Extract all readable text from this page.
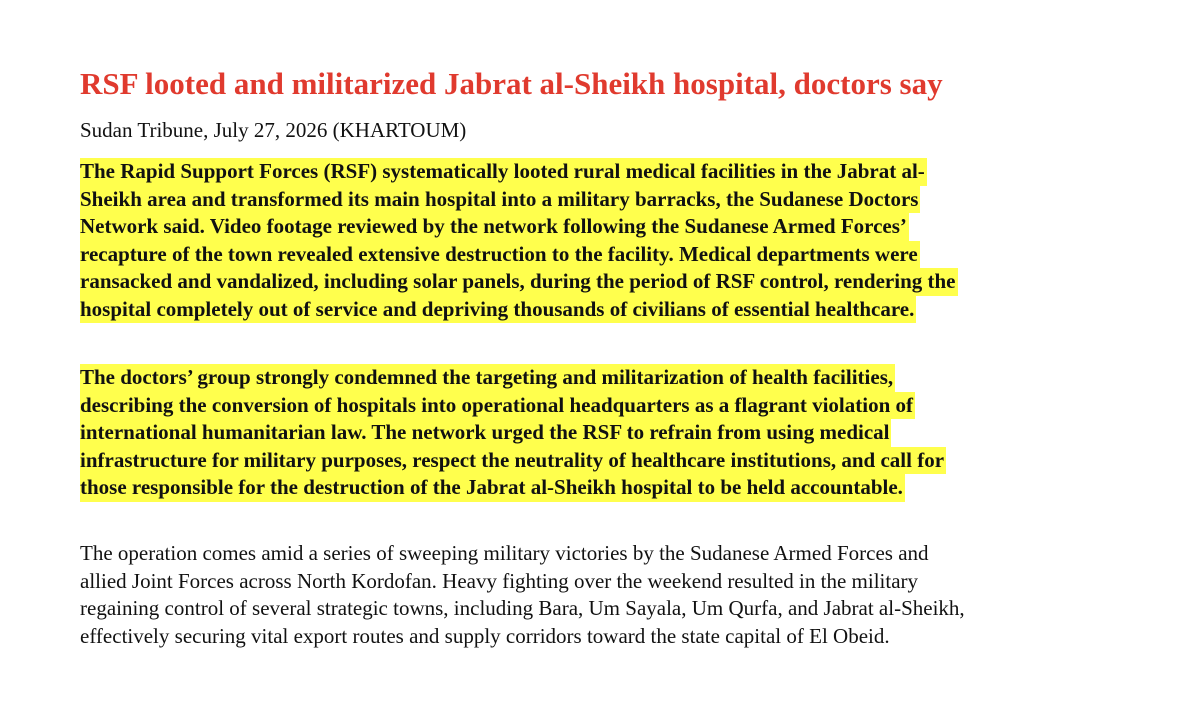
RSF looted and militarized Jabrat al-Sheikh hospital, doctors say

Sudan Tribune, July 27, 2026 (KHARTOUM)

The Rapid Support Forces (RSF) systematically looted rural medical facilities in the Jabrat al-
Sheikh area and transformed its main hospital into a military barracks, the Sudanese Doctors
Network said. Video footage reviewed by the network following the Sudanese Armed Forces’
recapture of the town revealed extensive destruction to the facility. Medical departments were
ransacked and vandalized, including solar panels, during the period of RSF control, rendering the
hospital completely out of service and depriving thousands of civilians of essential healthcare.

The doctors’ group strongly condemned the targeting and militarization of health facilities,
describing the conversion of hospitals into operational headquarters as a flagrant violation of
international humanitarian law. The network urged the RSF to refrain from using medical
infrastructure for military purposes, respect the neutrality of healthcare institutions, and call for
those responsible for the destruction of the Jabrat al-Sheikh hospital to be held accountable.

The operation comes amid a series of sweeping military victories by the Sudanese Armed Forces and
allied Joint Forces across North Kordofan. Heavy fighting over the weekend resulted in the military
regaining control of several strategic towns, including Bara, Um Sayala, Um Qurfa, and Jabrat al-Sheikh,
effectively securing vital export routes and supply corridors toward the state capital of El Obeid.
